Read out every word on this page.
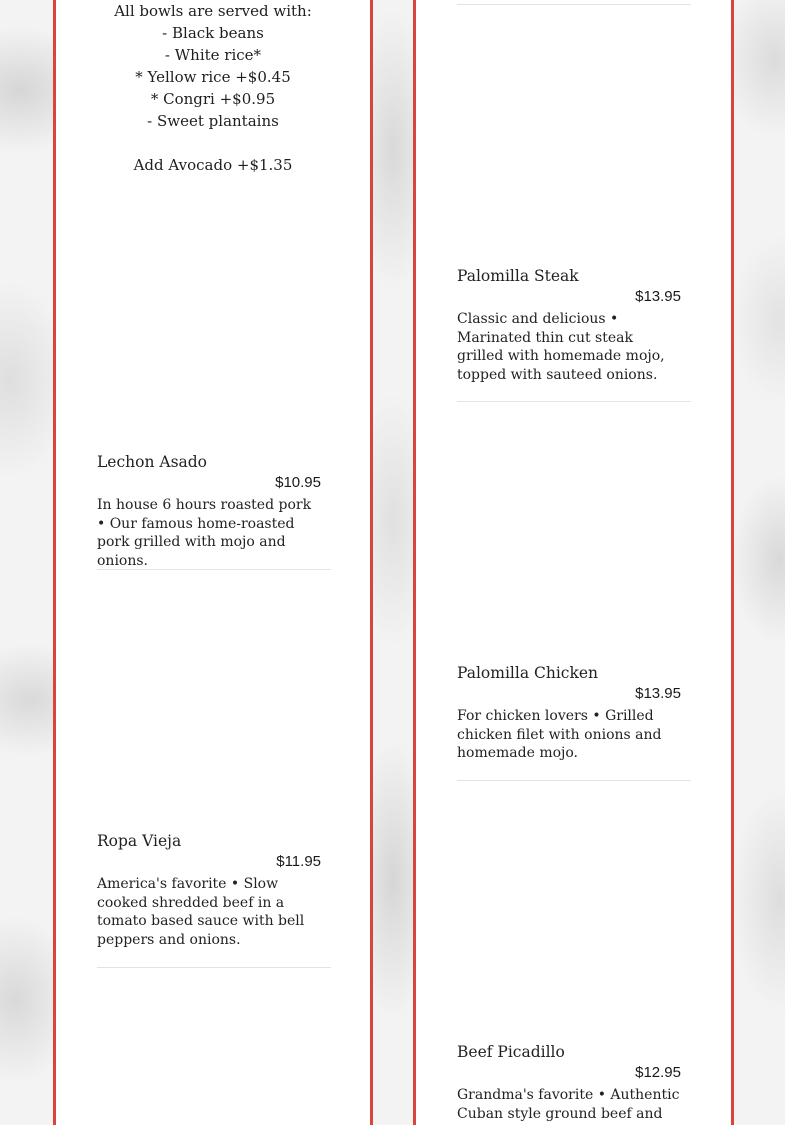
All bowls are served with:
- Black beans
- White rice*
* Yellow rice +$0.45
* Congri +$0.95
- Sweet plantains
Add Avocado +$1.35
Lechon Asado
$10.95
In house 6 hours roasted pork • Our famous home-roasted pork grilled with mojo and onions.
Ropa Vieja
$11.95
America's favorite • Slow cooked shredded beef in a tomato based sauce with bell peppers and onions.
Palomilla Steak
$13.95
Classic and delicious • Marinated thin cut steak grilled with homemade mojo, topped with sauteed onions.
Palomilla Chicken
$13.95
For chicken lovers • Grilled chicken filet with onions and homemade mojo.
Beef Picadillo
$12.95
Grandma's favorite • Authentic Cuban style ground beef and
